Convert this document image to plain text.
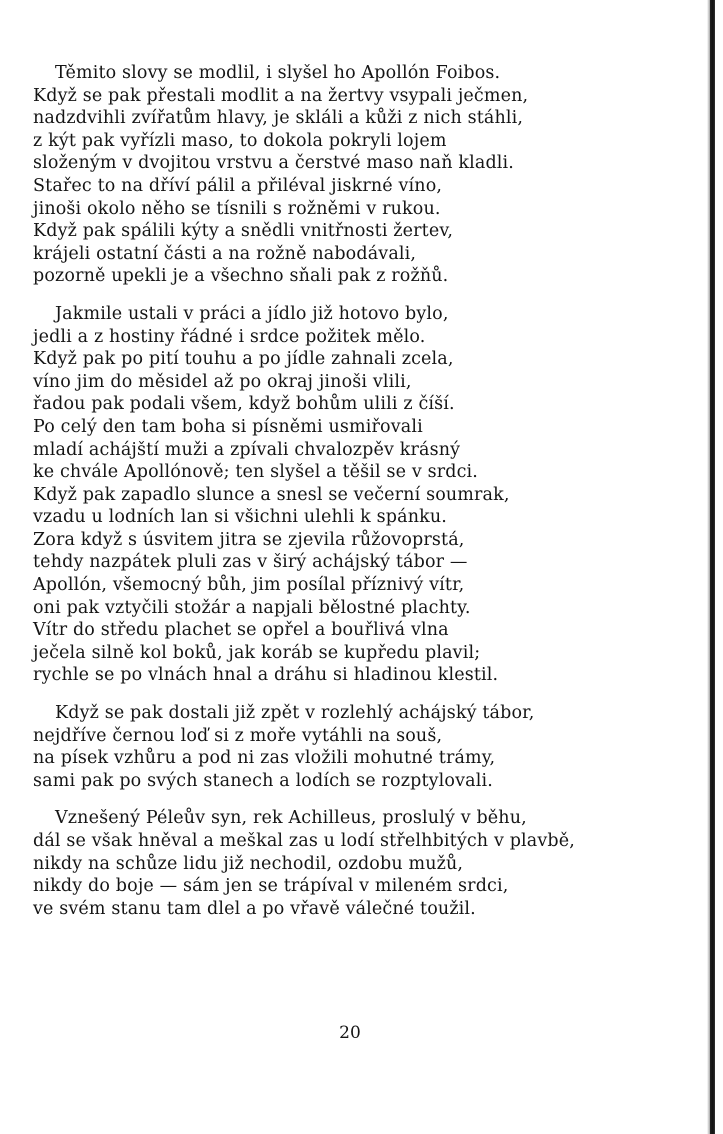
Těmito slovy se modlil, i slyšel ho Apollón Foibos.
Když se pak přestali modlit a na žertvy vsypali ječmen,
nadzdvihli zvířatům hlavy, je skláli a kůži z nich stáhli,
z kýt pak vyřízli maso, to dokola pokryli lojem
složeným v dvojitou vrstvu a čerstvé maso naň kladli.
Stařec to na dříví pálil a přiléval jiskrné víno,
jinoši okolo něho se tísnili s rožněmi v rukou.
Když pak spálili kýty a snědli vnitřnosti žertev,
krájeli ostatní části a na rožně nabodávali,
pozorně upekli je a všechno sňali pak z rožňů.
Jakmile ustali v práci a jídlo již hotovo bylo,
jedli a z hostiny řádné i srdce požitek mělo.
Když pak po pití touhu a po jídle zahnali zcela,
víno jim do měsidel až po okraj jinoši vlili,
řadou pak podali všem, když bohům ulili z číší.
Po celý den tam boha si písněmi usmiřovali
mladí achájští muži a zpívali chvalozpěv krásný
ke chvále Apollónově; ten slyšel a těšil se v srdci.
Když pak zapadlo slunce a snesl se večerní soumrak,
vzadu u lodních lan si všichni ulehli k spánku.
Zora když s úsvitem jitra se zjevila růžovoprstá,
tehdy nazpátek pluli zas v širý achájský tábor —
Apollón, všemocný bůh, jim posílal příznivý vítr,
oni pak vztyčili stožár a napjali bělostné plachty.
Vítr do středu plachet se opřel a bouřlivá vlna
ječela silně kol boků, jak koráb se kupředu plavil;
rychle se po vlnách hnal a dráhu si hladinou klestil.
Když se pak dostali již zpět v rozlehlý achájský tábor,
nejdříve černou loď si z moře vytáhli na souš,
na písek vzhůru a pod ni zas vložili mohutné trámy,
sami pak po svých stanech a lodích se rozptylovali.
Vznešený Péleův syn, rek Achilleus, proslulý v běhu,
dál se však hněval a meškal zas u lodí střelhbitých v plavbě,
nikdy na schůze lidu již nechodil, ozdobu mužů,
nikdy do boje — sám jen se trápíval v mileném srdci,
ve svém stanu tam dlel a po vřavě válečné toužil.
20
